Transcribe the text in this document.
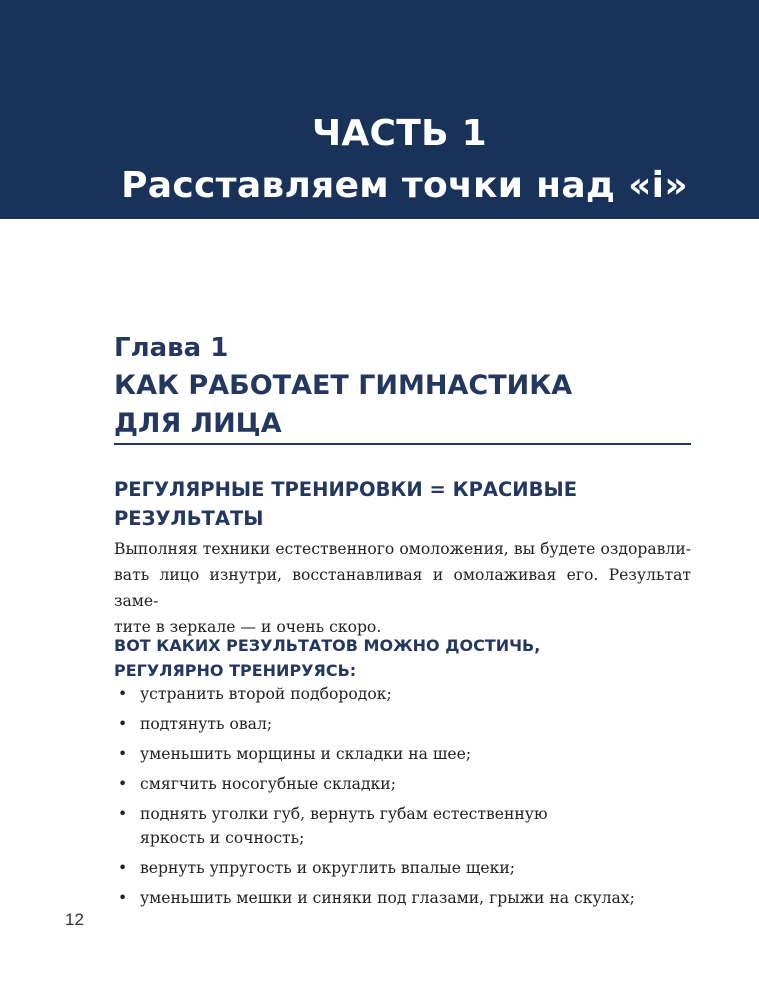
ЧАСТЬ 1
Расставляем точки над «і»
Глава 1
КАК РАБОТАЕТ ГИМНАСТИКА
ДЛЯ ЛИЦА
РЕГУЛЯРНЫЕ ТРЕНИРОВКИ = КРАСИВЫЕ
РЕЗУЛЬТАТЫ
Выполняя техники естественного омоложения, вы будете оздоравли-
вать лицо изнутри, восстанавливая и омолаживая его. Результат заме-
тите в зеркале — и очень скоро.
ВОТ КАКИХ РЕЗУЛЬТАТОВ МОЖНО ДОСТИЧЬ,
РЕГУЛЯРНО ТРЕНИРУЯСЬ:
• устранить второй подбородок;
• подтянуть овал;
• уменьшить морщины и складки на шее;
• смягчить носогубные складки;
• поднять уголки губ, вернуть губам естественную яркость и сочность;
• вернуть упругость и округлить впалые щеки;
• уменьшить мешки и синяки под глазами, грыжи на скулах;
12
